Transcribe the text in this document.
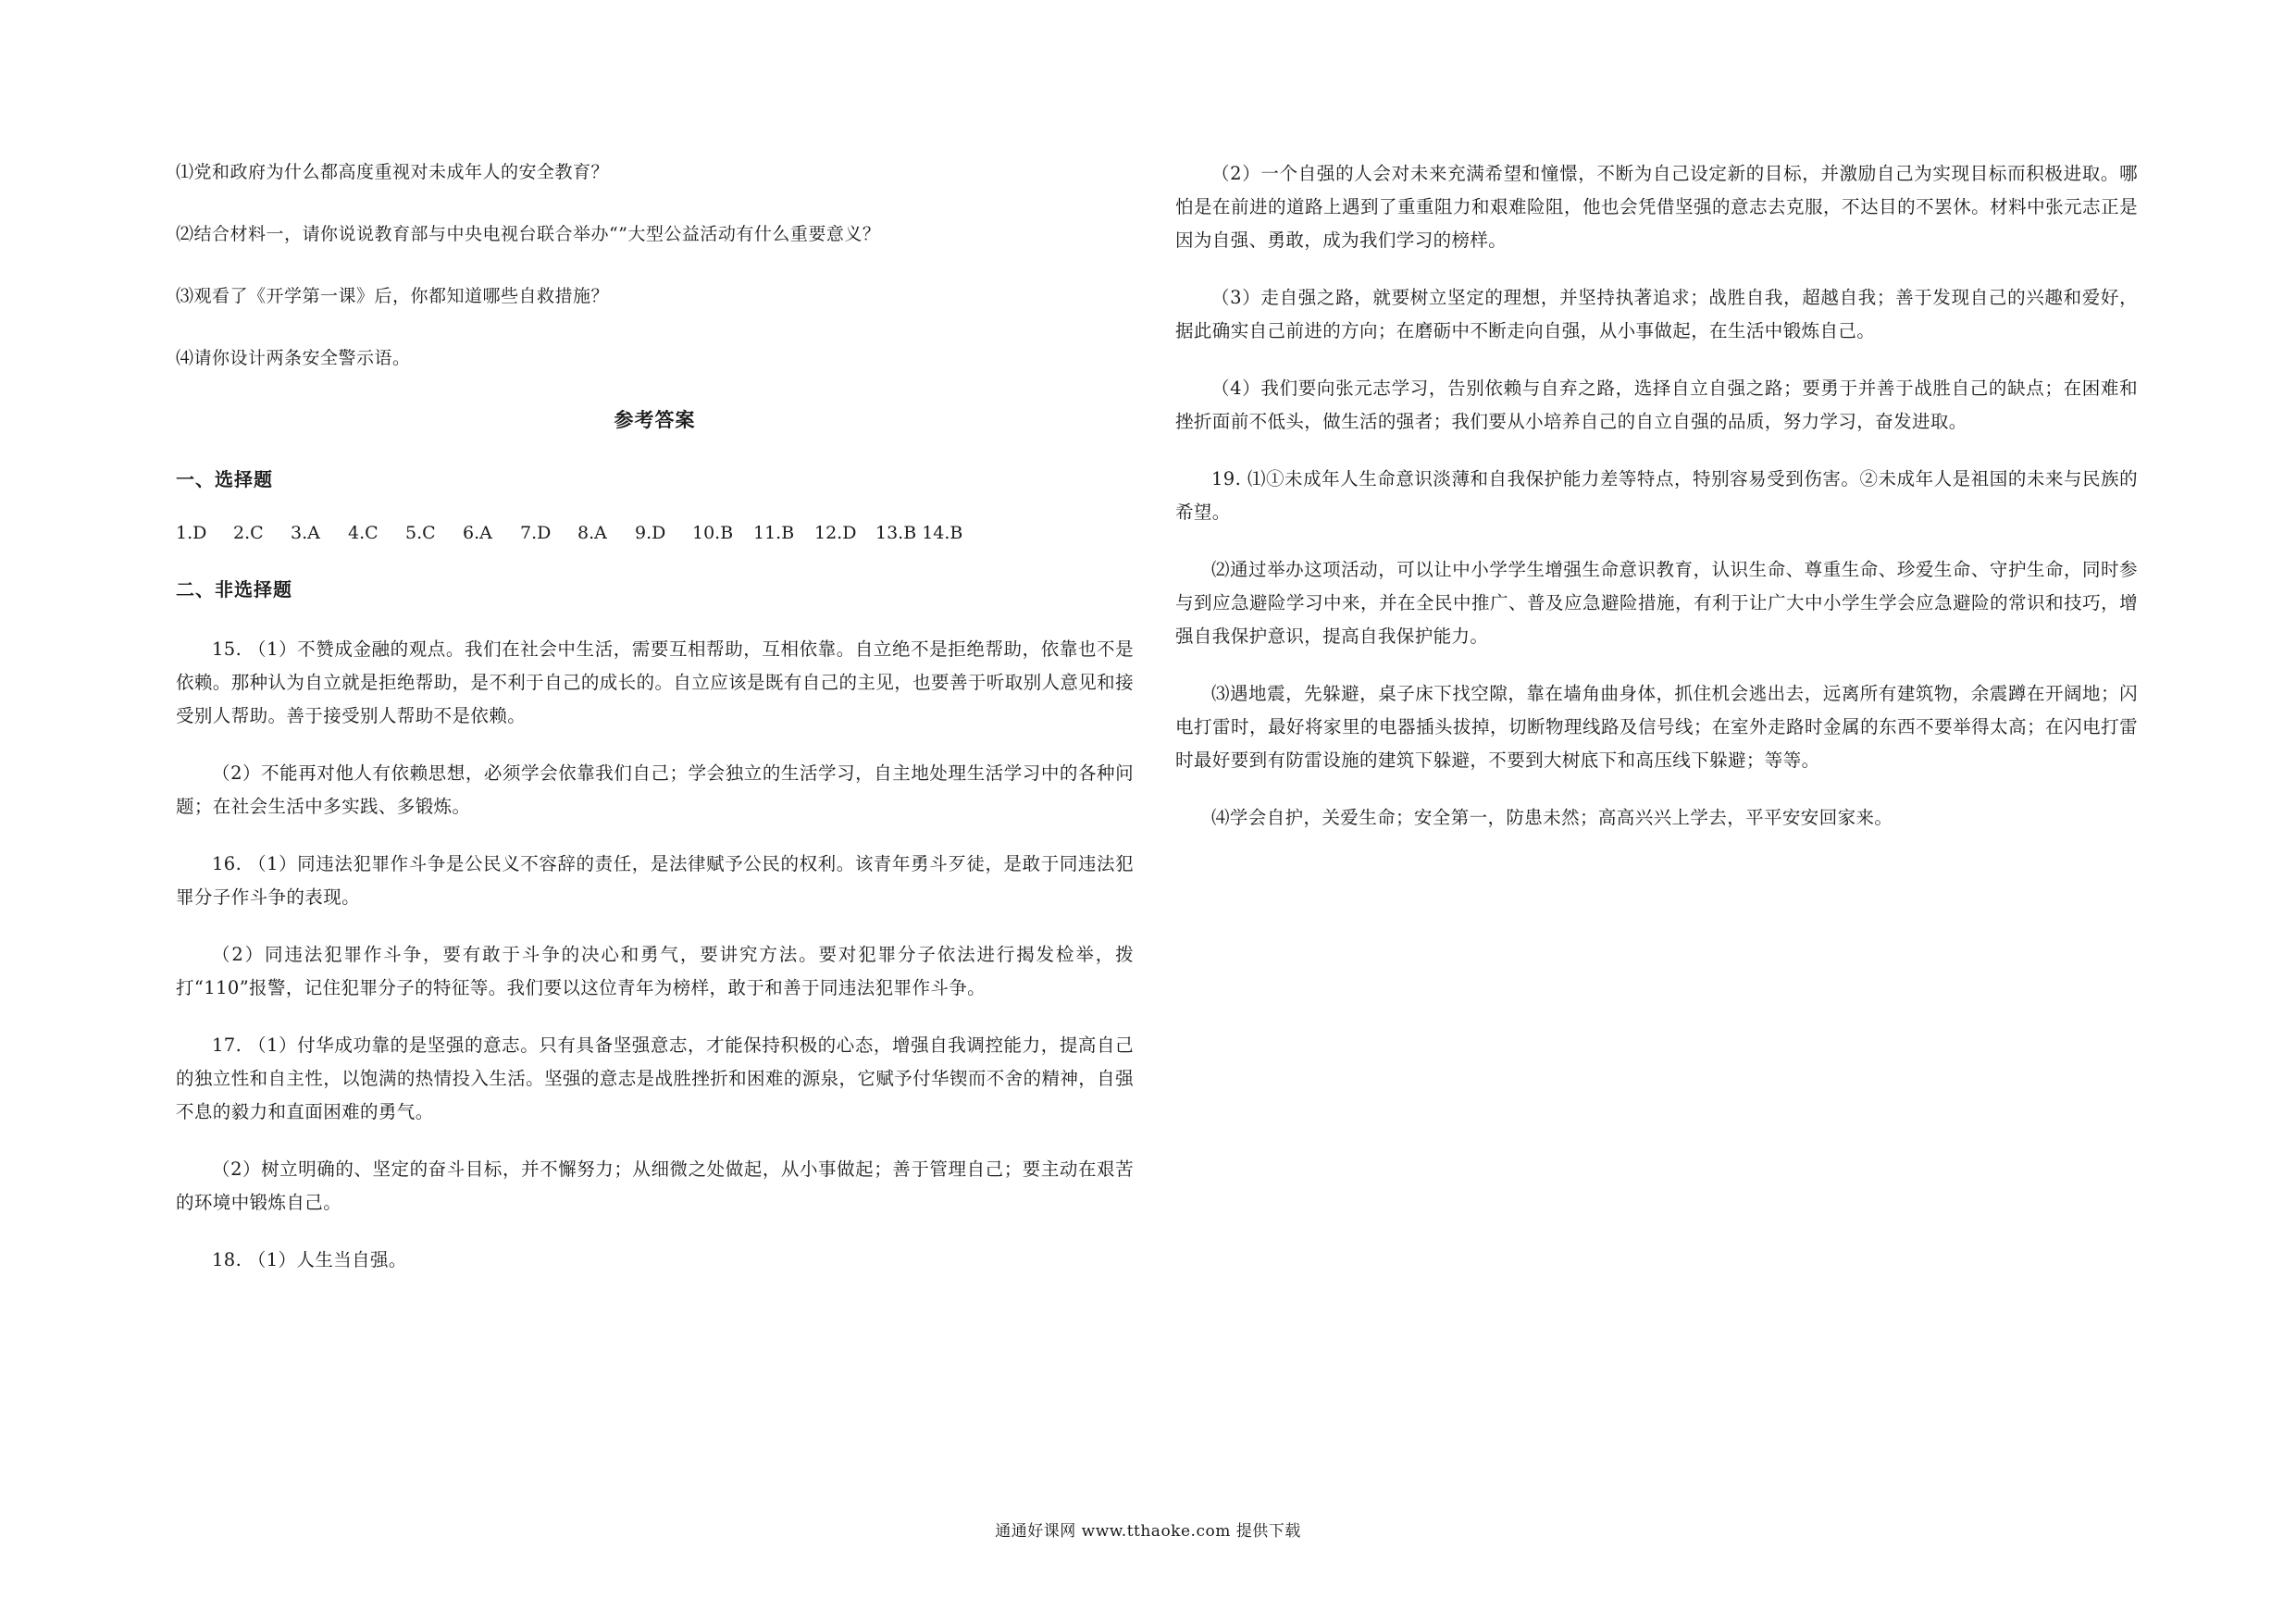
⑴党和政府为什么都高度重视对未成年人的安全教育？

⑵结合材料一，请你说说教育部与中央电视台联合举办“”大型公益活动有什么重要意义？

⑶观看了《开学第一课》后，你都知道哪些自救措施？

⑷请你设计两条安全警示语。

参考答案
一、选择题
1.D	2.C	3.A	4.C	5.C	6.A	7.D	8.A	9.D	10.B	11.B	12.D	13.B 14.B
二、非选择题

15. （1）不赞成金融的观点。我们在社会中生活，需要互相帮助，互相依靠。自立绝不是拒绝帮助，依靠也不是依赖。那种认为自立就是拒绝帮助，是不利于自己的成长的。自立应该是既有自己的主见，也要善于听取别人意见和接受别人帮助。善于接受别人帮助不是依赖。

（2）不能再对他人有依赖思想，必须学会依靠我们自己；学会独立的生活学习，自主地处理生活学习中的各种问题；在社会生活中多实践、多锻炼。

16. （1）同违法犯罪作斗争是公民义不容辞的责任，是法律赋予公民的权利。该青年勇斗歹徒，是敢于同违法犯罪分子作斗争的表现。

（2）同违法犯罪作斗争，要有敢于斗争的决心和勇气，要讲究方法。要对犯罪分子依法进行揭发检举，拨打“110”报警，记住犯罪分子的特征等。我们要以这位青年为榜样，敢于和善于同违法犯罪作斗争。

17. （1）付华成功靠的是坚强的意志。只有具备坚强意志，才能保持积极的心态，增强自我调控能力，提高自己的独立性和自主性，以饱满的热情投入生活。坚强的意志是战胜挫折和困难的源泉，它赋予付华锲而不舍的精神，自强不息的毅力和直面困难的勇气。

（2）树立明确的、坚定的奋斗目标，并不懈努力；从细微之处做起，从小事做起；善于管理自己；要主动在艰苦的环境中锻炼自己。

18. （1）人生当自强。

（2）一个自强的人会对未来充满希望和憧憬，不断为自己设定新的目标，并激励自己为实现目标而积极进取。哪怕是在前进的道路上遇到了重重阻力和艰难险阻，他也会凭借坚强的意志去克服，不达目的不罢休。材料中张元志正是因为自强、勇敢，成为我们学习的榜样。

（3）走自强之路，就要树立坚定的理想，并坚持执著追求；战胜自我，超越自我；善于发现自己的兴趣和爱好，据此确实自己前进的方向；在磨砺中不断走向自强，从小事做起，在生活中锻炼自己。

（4）我们要向张元志学习，告别依赖与自弃之路，选择自立自强之路；要勇于并善于战胜自己的缺点；在困难和挫折面前不低头，做生活的强者；我们要从小培养自己的自立自强的品质，努力学习，奋发进取。

19. ⑴①未成年人生命意识淡薄和自我保护能力差等特点，特别容易受到伤害。②未成年人是祖国的未来与民族的希望。

⑵通过举办这项活动，可以让中小学学生增强生命意识教育，认识生命、尊重生命、珍爱生命、守护生命，同时参与到应急避险学习中来，并在全民中推广、普及应急避险措施，有利于让广大中小学生学会应急避险的常识和技巧，增强自我保护意识，提高自我保护能力。

⑶遇地震，先躲避，桌子床下找空隙，靠在墙角曲身体，抓住机会逃出去，远离所有建筑物，余震蹲在开阔地；闪电打雷时，最好将家里的电器插头拔掉，切断物理线路及信号线；在室外走路时金属的东西不要举得太高；在闪电打雷时最好要到有防雷设施的建筑下躲避，不要到大树底下和高压线下躲避；等等。

⑷学会自护，关爱生命；安全第一，防患未然；高高兴兴上学去，平平安安回家来。

通通好课网 www.tthaoke.com 提供下载
